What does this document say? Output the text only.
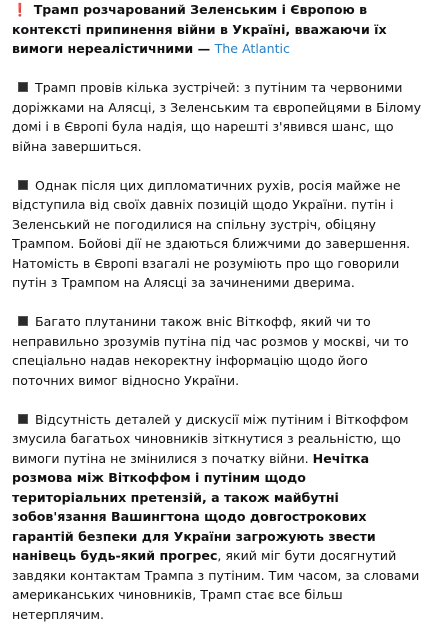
❗ Трамп розчарований Зеленським і Європою в контексті припинення війни в Україні, вважаючи їх вимоги нереалістичними — The Atlantic

Трамп провів кілька зустрічей: з путіним та червоними доріжками на Алясці, з Зеленським та європейцями в Білому домі і в Європі була надія, що нарешті з'явився шанс, що війна завершиться.

Однак після цих дипломатичних рухів, росія майже не відступила від своїх давніх позицій щодо України. путін і Зеленський не погодилися на спільну зустріч, обіцяну Трампом. Бойові дії не здаються ближчими до завершення. Натомість в Європі взагалі не розуміють про що говорили путін з Трампом на Алясці за зачиненими дверима.

Багато плутанини також вніс Віткофф, який чи то неправильно зрозумів путіна під час розмов у москві, чи то спеціально надав некоректну інформацію щодо його поточних вимог відносно України.

Відсутність деталей у дискусії між путіним і Віткоффом змусила багатьох чиновників зіткнутися з реальністю, що вимоги путіна не змінилися з початку війни. Нечітка розмова між Віткоффом і путіним щодо територіальних претензій, а також майбутні зобов'язання Вашингтона щодо довгострокових гарантій безпеки для України загрожують звести нанівець будь-який прогрес, який міг бути досягнутий завдяки контактам Трампа з путіним. Тим часом, за словами американських чиновників, Трамп стає все більш нетерплячим.
